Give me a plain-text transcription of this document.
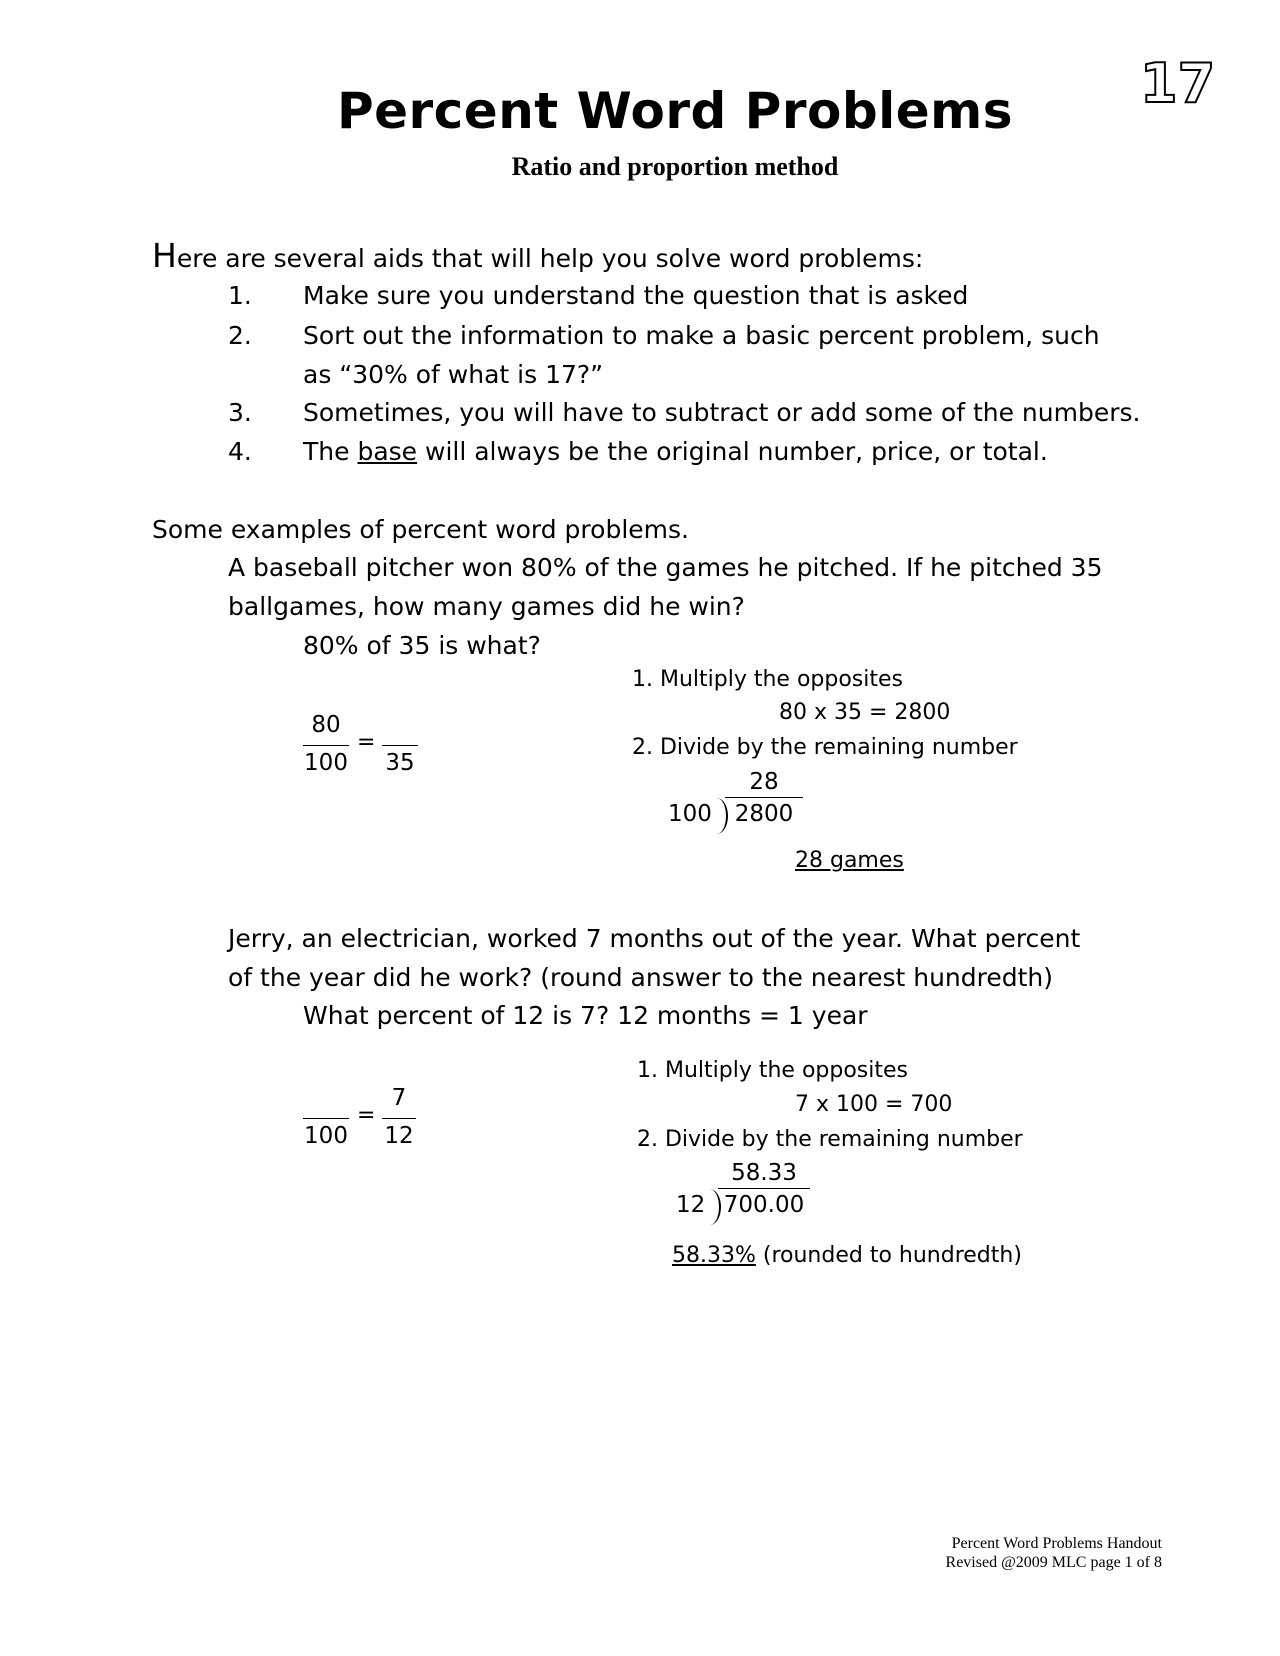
Percent Word Problems	17
Ratio and proportion method
Here are several aids that will help you solve word problems:
1. Make sure you understand the question that is asked
2. Sort out the information to make a basic percent problem, such
as “30% of what is 17?”
3. Sometimes, you will have to subtract or add some of the numbers.
4. The base will always be the original number, price, or total.
Some examples of percent word problems.
A baseball pitcher won 80% of the games he pitched. If he pitched 35
ballgames, how many games did he win?
80% of 35 is what?
80
100
=
35
1. Multiply the opposites
80 x 35 = 2800
2. Divide by the remaining number
28
100 2800
28 games
Jerry, an electrician, worked 7 months out of the year. What percent
of the year did he work? (round answer to the nearest hundredth)
What percent of 12 is 7? 12 months = 1 year
100
=
7
12
1. Multiply the opposites
7 x 100 = 700
2. Divide by the remaining number
58.33
12 700.00
58.33% (rounded to hundredth)
Percent Word Problems Handout
Revised @2009 MLC page 1 of 8
